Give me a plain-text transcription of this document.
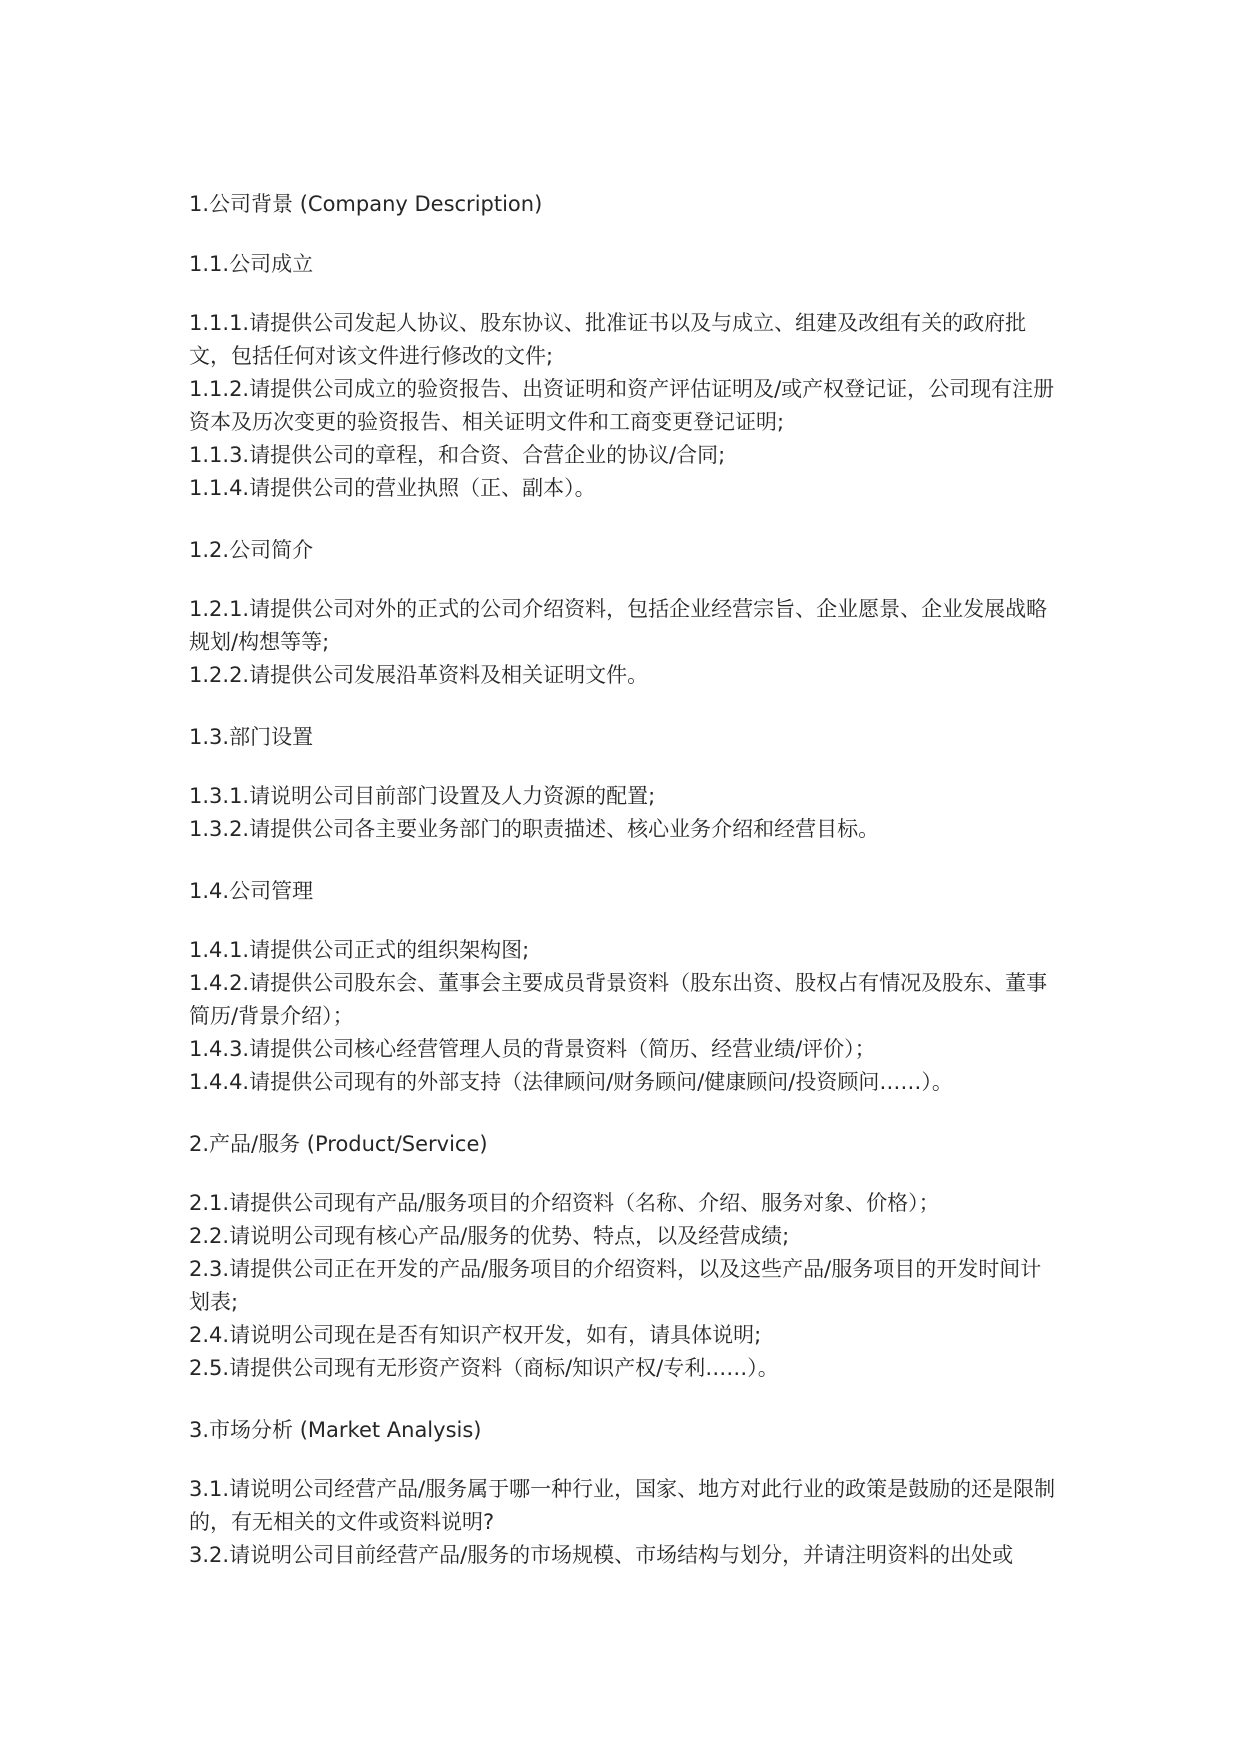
1.公司背景 (Company Description)

1.1.公司成立

1.1.1.请提供公司发起人协议、股东协议、批准证书以及与成立、组建及改组有关的政府批文，包括任何对该文件进行修改的文件;

1.1.2.请提供公司成立的验资报告、出资证明和资产评估证明及/或产权登记证，公司现有注册资本及历次变更的验资报告、相关证明文件和工商变更登记证明;

1.1.3.请提供公司的章程，和合资、合营企业的协议/合同;

1.1.4.请提供公司的营业执照（正、副本）。

1.2.公司简介

1.2.1.请提供公司对外的正式的公司介绍资料，包括企业经营宗旨、企业愿景、企业发展战略规划/构想等等;

1.2.2.请提供公司发展沿革资料及相关证明文件。

1.3.部门设置

1.3.1.请说明公司目前部门设置及人力资源的配置;

1.3.2.请提供公司各主要业务部门的职责描述、核心业务介绍和经营目标。

1.4.公司管理

1.4.1.请提供公司正式的组织架构图;

1.4.2.请提供公司股东会、董事会主要成员背景资料（股东出资、股权占有情况及股东、董事简历/背景介绍）；

1.4.3.请提供公司核心经营管理人员的背景资料（简历、经营业绩/评价）；

1.4.4.请提供公司现有的外部支持（法律顾问/财务顾问/健康顾问/投资顾问……）。

2.产品/服务 (Product/Service)

2.1.请提供公司现有产品/服务项目的介绍资料（名称、介绍、服务对象、价格）；

2.2.请说明公司现有核心产品/服务的优势、特点，以及经营成绩;

2.3.请提供公司正在开发的产品/服务项目的介绍资料，以及这些产品/服务项目的开发时间计划表;

2.4.请说明公司现在是否有知识产权开发，如有，请具体说明;

2.5.请提供公司现有无形资产资料（商标/知识产权/专利……）。

3.市场分析 (Market Analysis)

3.1.请说明公司经营产品/服务属于哪一种行业，国家、地方对此行业的政策是鼓励的还是限制的，有无相关的文件或资料说明?

3.2.请说明公司目前经营产品/服务的市场规模、市场结构与划分，并请注明资料的出处或
